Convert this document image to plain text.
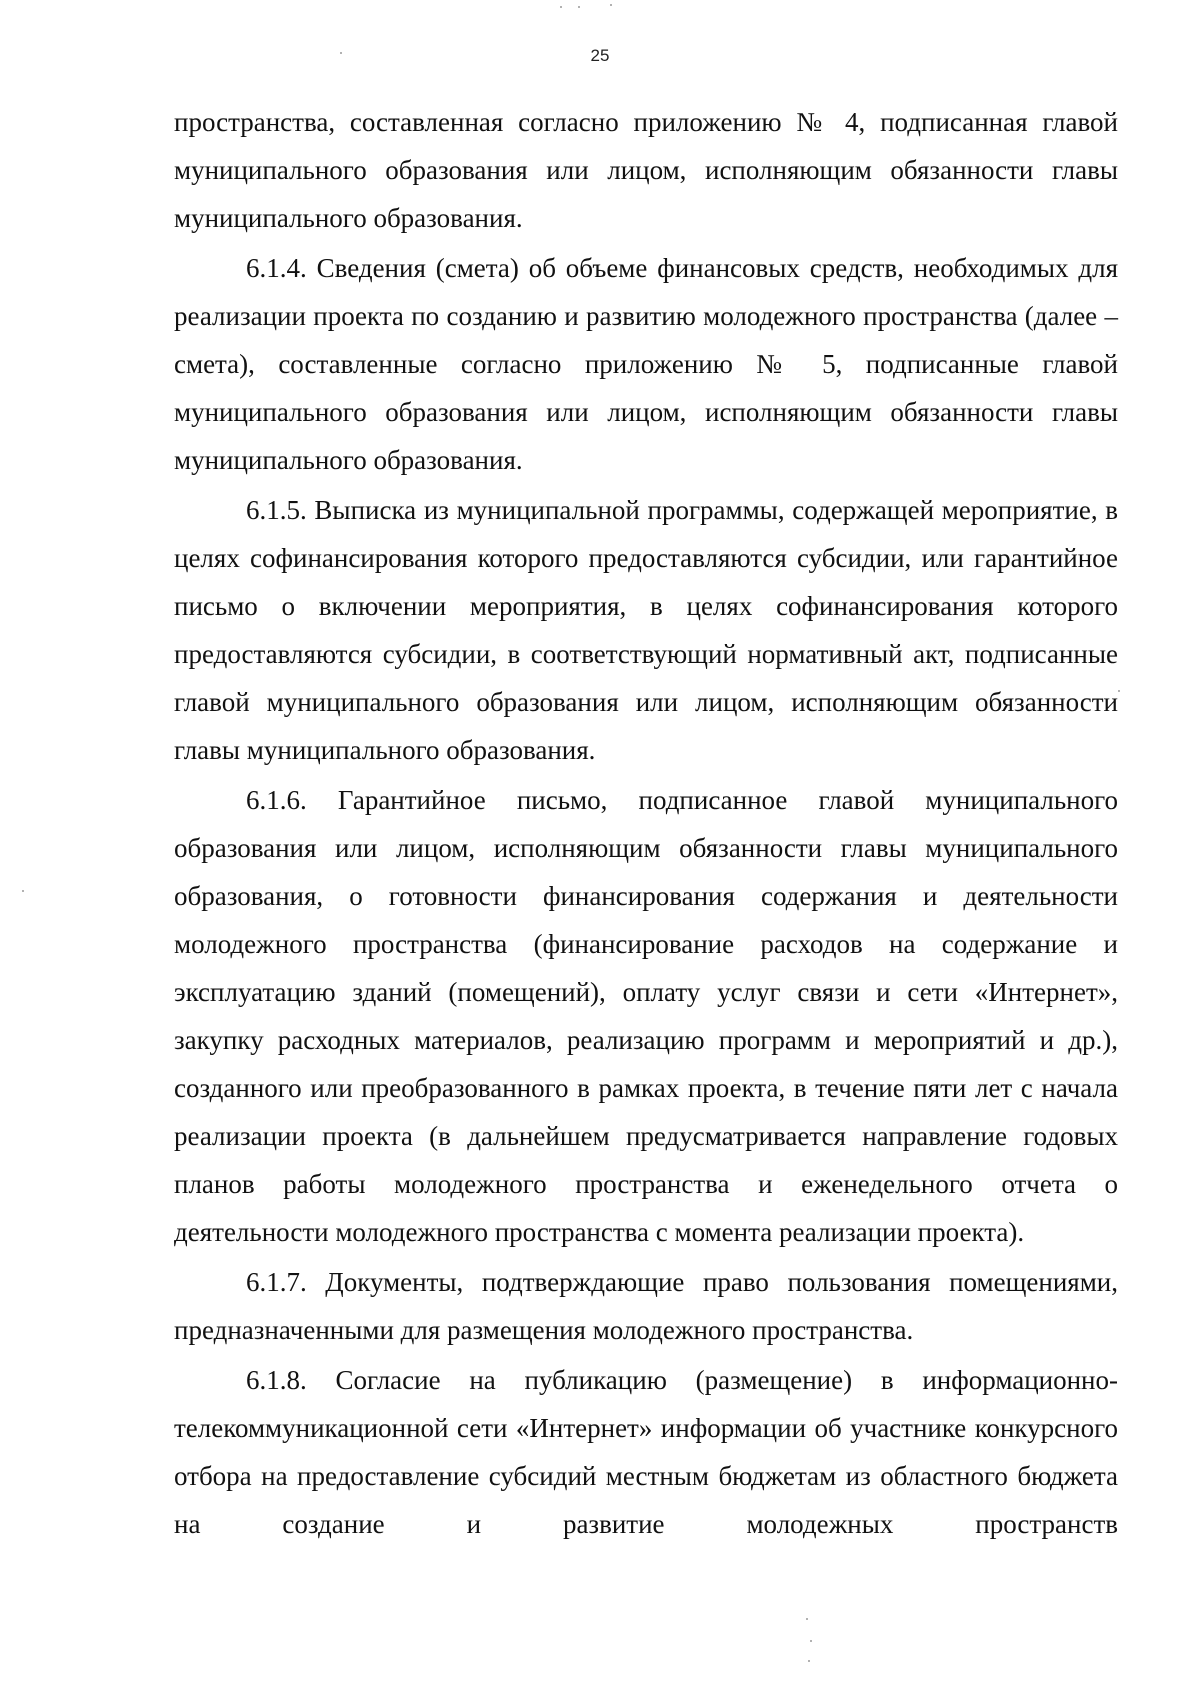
25

пространства, составленная согласно приложению № 4, подписанная главой муниципального образования или лицом, исполняющим обязанности главы муниципального образования.

6.1.4. Сведения (смета) об объеме финансовых средств, необходимых для реализации проекта по созданию и развитию молодежного пространства (далее – смета), составленные согласно приложению № 5, подписанные главой муниципального образования или лицом, исполняющим обязанности главы муниципального образования.

6.1.5. Выписка из муниципальной программы, содержащей мероприятие, в целях софинансирования которого предоставляются субсидии, или гарантийное письмо о включении мероприятия, в целях софинансирования которого предоставляются субсидии, в соответствующий нормативный акт, подписанные главой муниципального образования или лицом, исполняющим обязанности главы муниципального образования.

6.1.6. Гарантийное письмо, подписанное главой муниципального образования или лицом, исполняющим обязанности главы муниципального образования, о готовности финансирования содержания и деятельности молодежного пространства (финансирование расходов на содержание и эксплуатацию зданий (помещений), оплату услуг связи и сети «Интернет», закупку расходных материалов, реализацию программ и мероприятий и др.), созданного или преобразованного в рамках проекта, в течение пяти лет с начала реализации проекта (в дальнейшем предусматривается направление годовых планов работы молодежного пространства и еженедельного отчета о деятельности молодежного пространства с момента реализации проекта).

6.1.7. Документы, подтверждающие право пользования помещениями, предназначенными для размещения молодежного пространства.

6.1.8. Согласие на публикацию (размещение) в информационно-телекоммуникационной сети «Интернет» информации об участнике конкурсного отбора на предоставление субсидий местным бюджетам из областного бюджета на создание и развитие молодежных пространств
